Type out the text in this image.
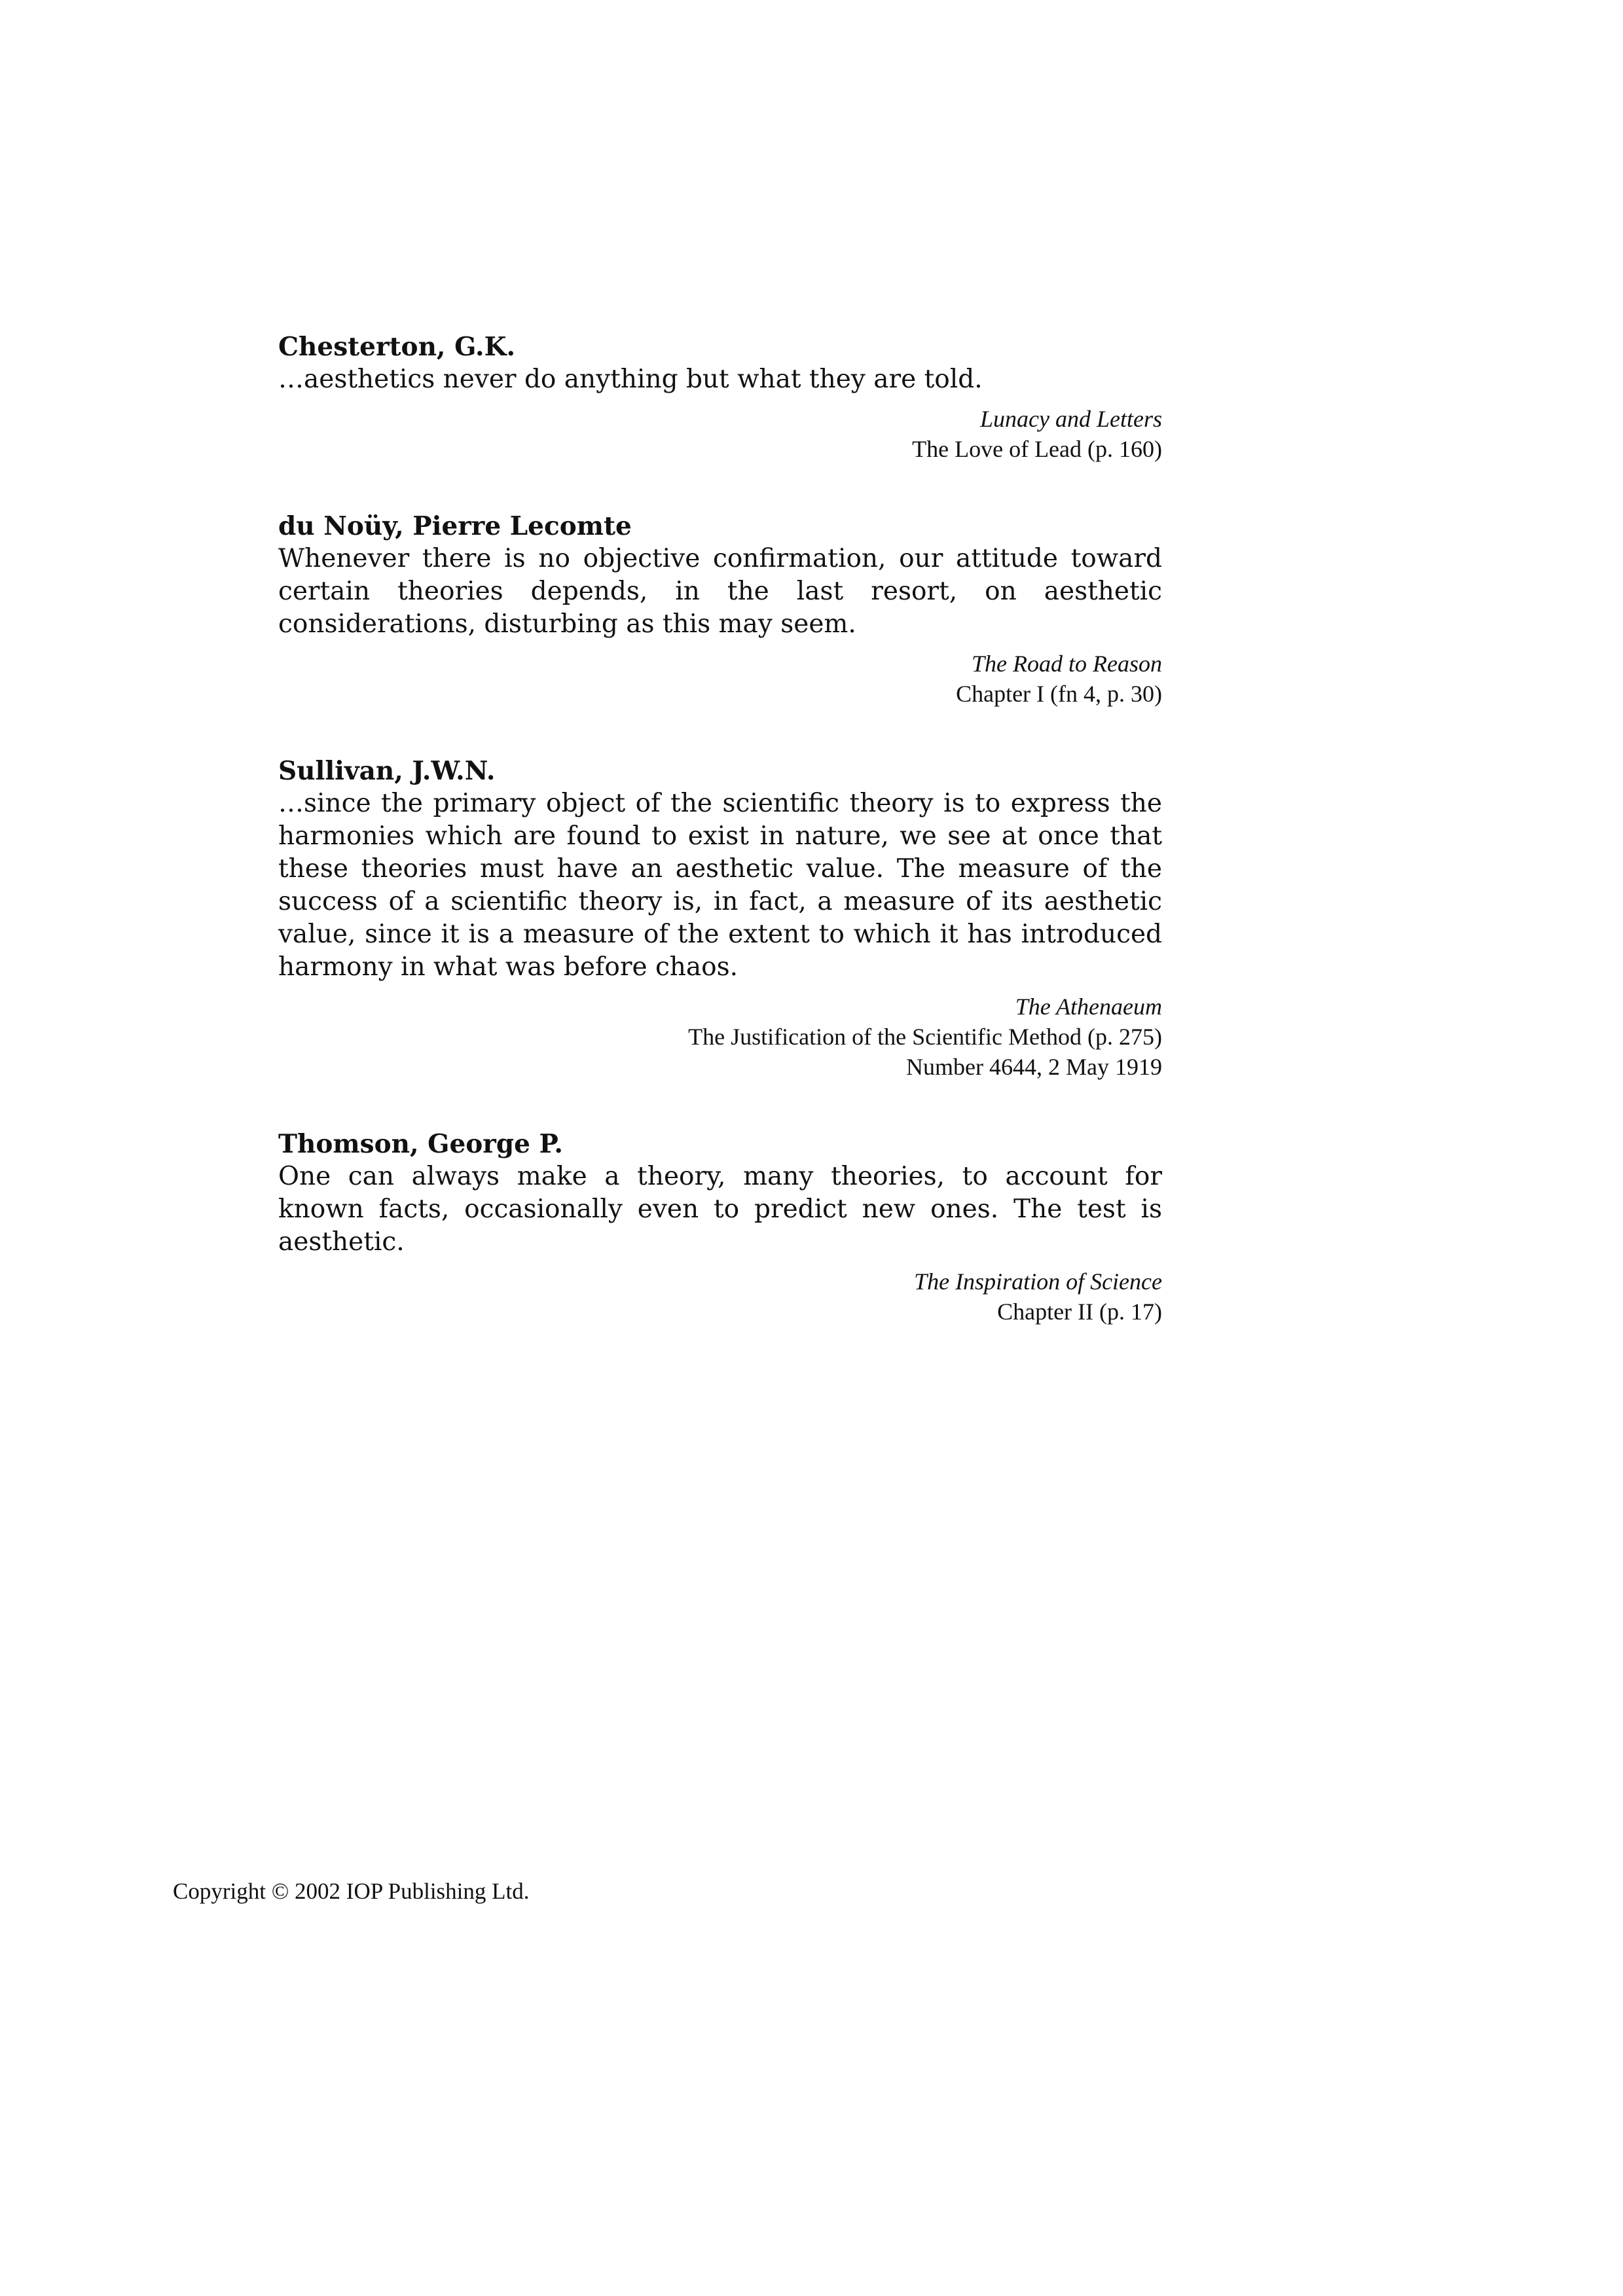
Chesterton, G.K.

…aesthetics never do anything but what they are told.

Lunacy and Letters
The Love of Lead (p. 160)

du Noüy, Pierre Lecomte

Whenever there is no objective confirmation, our attitude toward certain theories depends, in the last resort, on aesthetic considerations, disturbing as this may seem.

The Road to Reason
Chapter I (fn 4, p. 30)

Sullivan, J.W.N.

…since the primary object of the scientific theory is to express the harmonies which are found to exist in nature, we see at once that these theories must have an aesthetic value. The measure of the success of a scientific theory is, in fact, a measure of its aesthetic value, since it is a measure of the extent to which it has introduced harmony in what was before chaos.

The Athenaeum
The Justification of the Scientific Method (p. 275)
Number 4644, 2 May 1919

Thomson, George P.

One can always make a theory, many theories, to account for known facts, occasionally even to predict new ones. The test is aesthetic.

The Inspiration of Science
Chapter II (p. 17)
Copyright © 2002 IOP Publishing Ltd.
